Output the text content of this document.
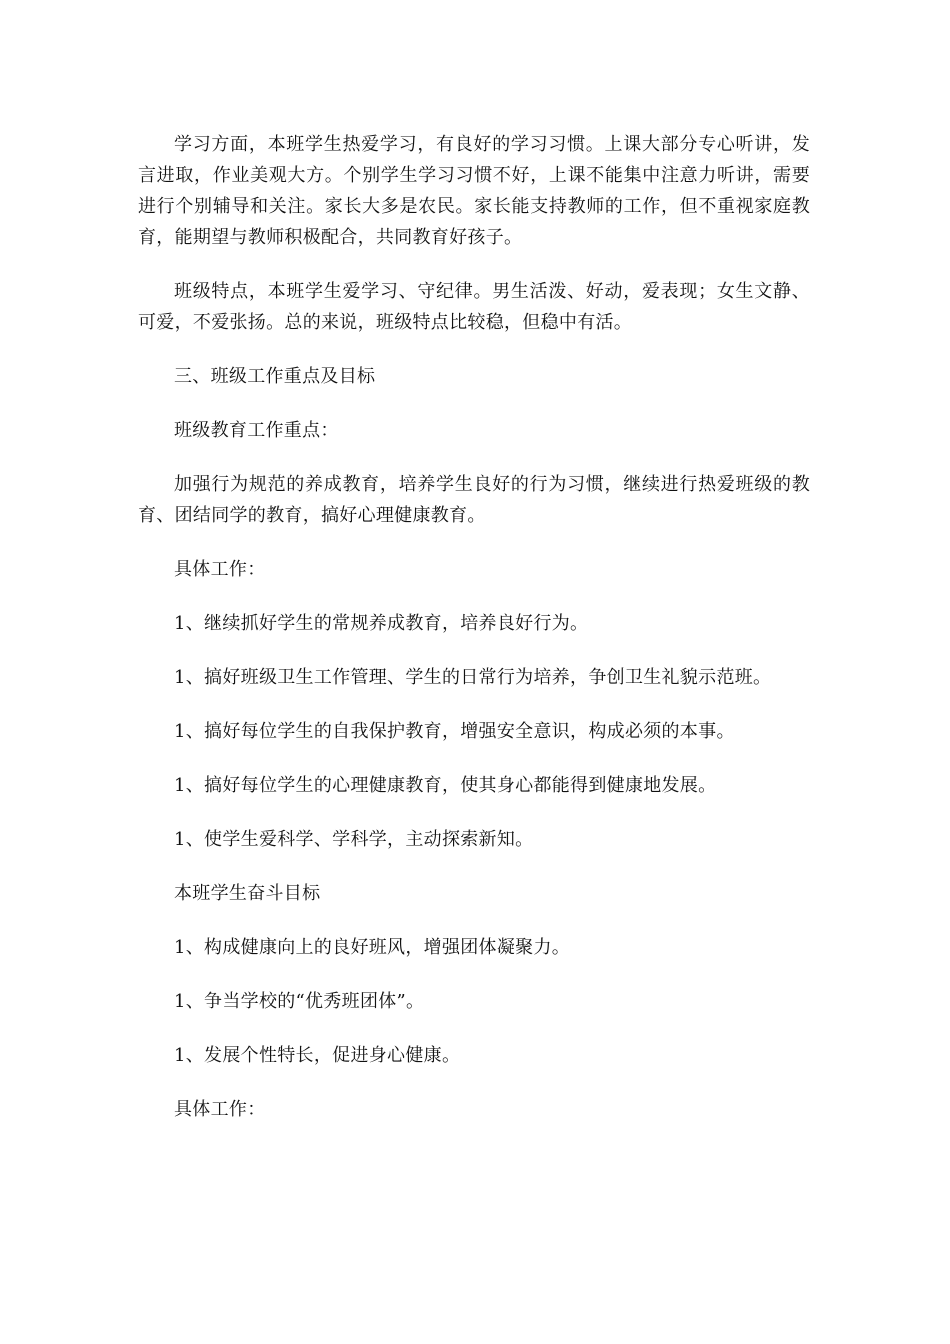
学习方面，本班学生热爱学习，有良好的学习习惯。上课大部分专心听讲，发言进取，作业美观大方。个别学生学习习惯不好，上课不能集中注意力听讲，需要进行个别辅导和关注。家长大多是农民。家长能支持教师的工作，但不重视家庭教育，能期望与教师积极配合，共同教育好孩子。

班级特点，本班学生爱学习、守纪律。男生活泼、好动，爱表现；女生文静、可爱，不爱张扬。总的来说，班级特点比较稳，但稳中有活。

三、班级工作重点及目标

班级教育工作重点：

加强行为规范的养成教育，培养学生良好的行为习惯，继续进行热爱班级的教育、团结同学的教育，搞好心理健康教育。

具体工作：

1、继续抓好学生的常规养成教育，培养良好行为。

1、搞好班级卫生工作管理、学生的日常行为培养，争创卫生礼貌示范班。

1、搞好每位学生的自我保护教育，增强安全意识，构成必须的本事。

1、搞好每位学生的心理健康教育，使其身心都能得到健康地发展。

1、使学生爱科学、学科学，主动探索新知。

本班学生奋斗目标

1、构成健康向上的良好班风，增强团体凝聚力。

1、争当学校的“优秀班团体”。

1、发展个性特长，促进身心健康。

具体工作：
